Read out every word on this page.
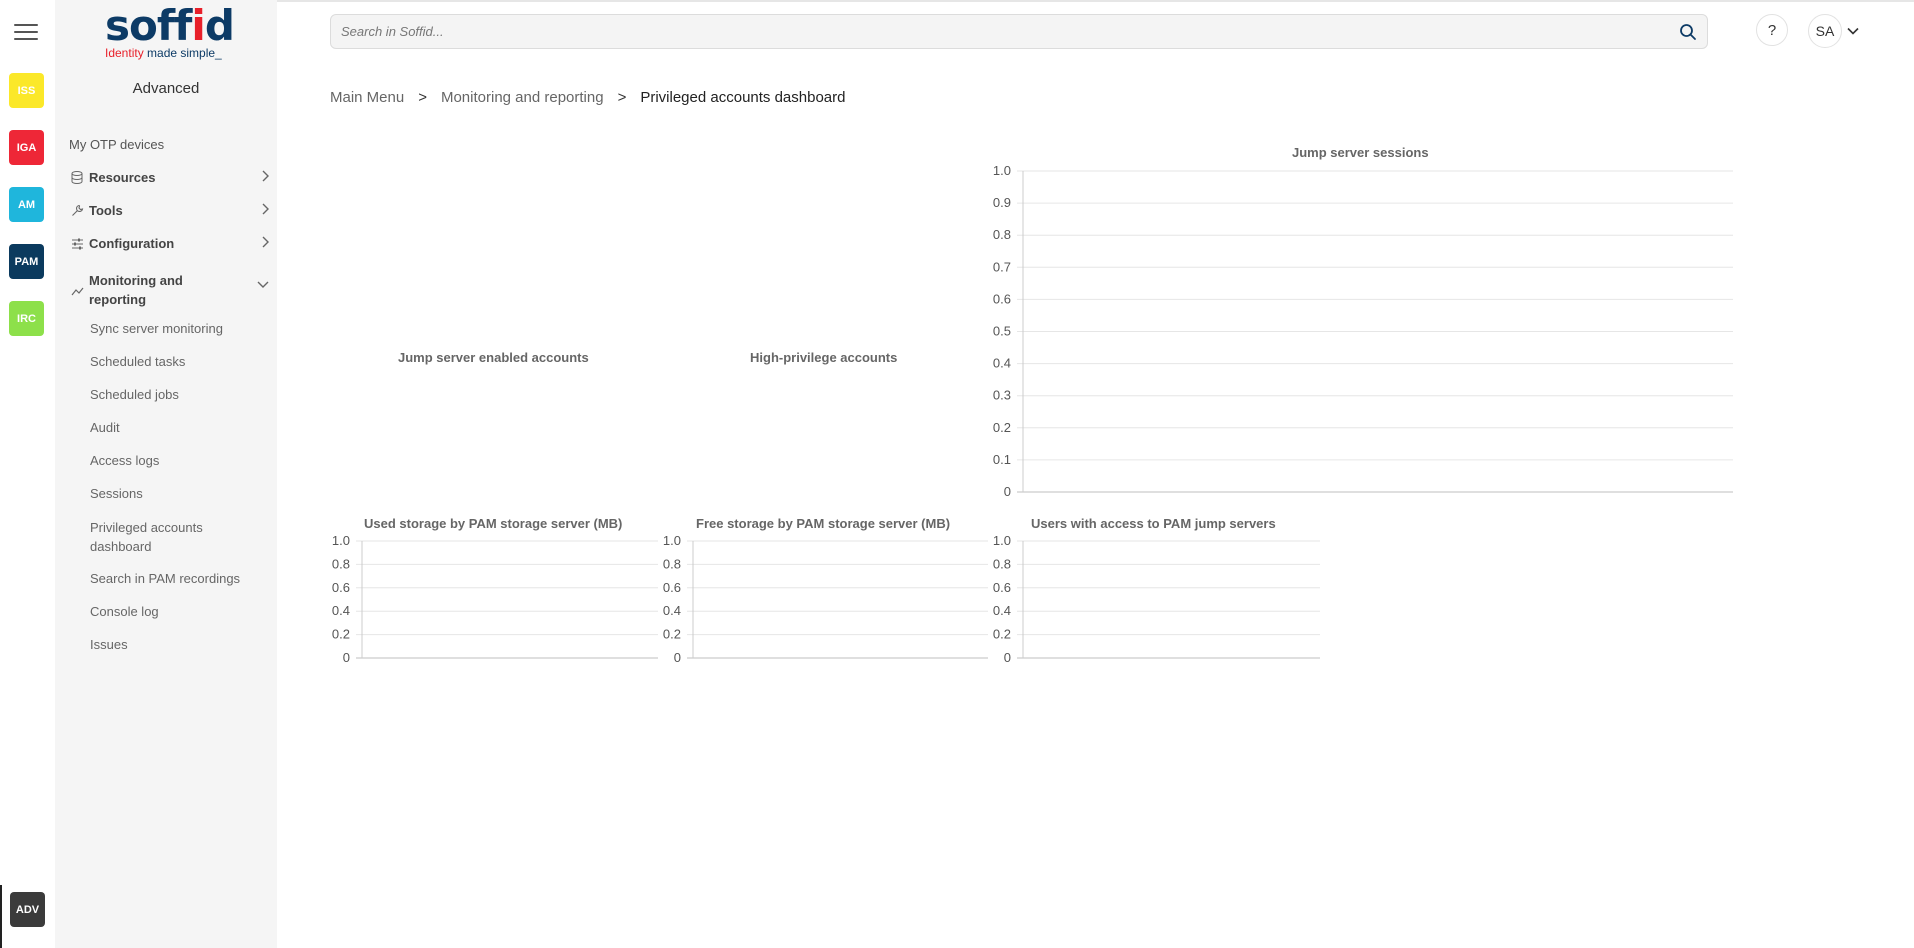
ISS
IGA
AM
PAM
IRC
ADV
soffid
Identity made simple_
Advanced
My OTP devices
Resources
Tools
Configuration
Monitoring and
reporting
Sync server monitoring
Scheduled tasks
Scheduled jobs
Audit
Access logs
Sessions
Privileged accounts
dashboard
Search in PAM recordings
Console log
Issues
Search in Soffid...
?	SA
Main Menu > Monitoring and reporting > Privileged accounts dashboard
Jump server enabled accounts	High-privilege accounts
Jump server sessions
1.0
0.9
0.8
0.7
0.6
0.5
0.4
0.3
0.2
0.1
0
Used storage by PAM storage server (MB)
1.0
0.8
0.6
0.4
0.2
0
Free storage by PAM storage server (MB)
1.0
0.8
0.6
0.4
0.2
0
Users with access to PAM jump servers
1.0
0.8
0.6
0.4
0.2
0
